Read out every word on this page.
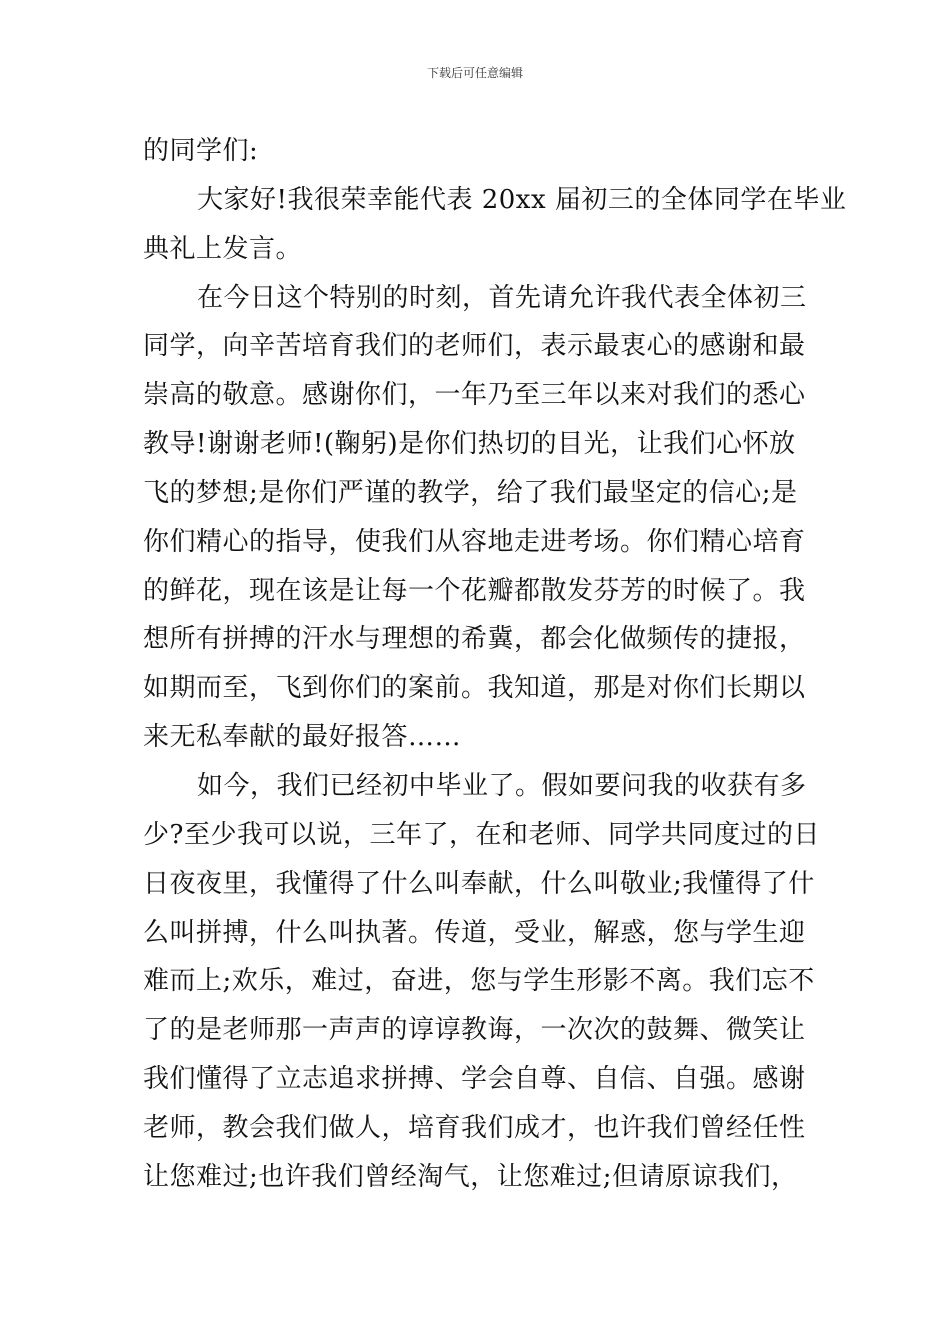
下载后可任意编辑
的同学们:
大家好!我很荣幸能代表 20xx 届初三的全体同学在毕业
典礼上发言。
在今日这个特别的时刻，首先请允许我代表全体初三
同学，向辛苦培育我们的老师们，表示最衷心的感谢和最
崇高的敬意。感谢你们，一年乃至三年以来对我们的悉心
教导!谢谢老师!(鞠躬)是你们热切的目光，让我们心怀放
飞的梦想;是你们严谨的教学，给了我们最坚定的信心;是
你们精心的指导，使我们从容地走进考场。你们精心培育
的鲜花，现在该是让每一个花瓣都散发芬芳的时候了。我
想所有拼搏的汗水与理想的希冀，都会化做频传的捷报，
如期而至，飞到你们的案前。我知道，那是对你们长期以
来无私奉献的最好报答……
如今，我们已经初中毕业了。假如要问我的收获有多
少?至少我可以说，三年了，在和老师、同学共同度过的日
日夜夜里，我懂得了什么叫奉献，什么叫敬业;我懂得了什
么叫拼搏，什么叫执著。传道，受业，解惑，您与学生迎
难而上;欢乐，难过，奋进，您与学生形影不离。我们忘不
了的是老师那一声声的谆谆教诲，一次次的鼓舞、微笑让
我们懂得了立志追求拼搏、学会自尊、自信、自强。感谢
老师，教会我们做人，培育我们成才，也许我们曾经任性
让您难过;也许我们曾经淘气，让您难过;但请原谅我们，
